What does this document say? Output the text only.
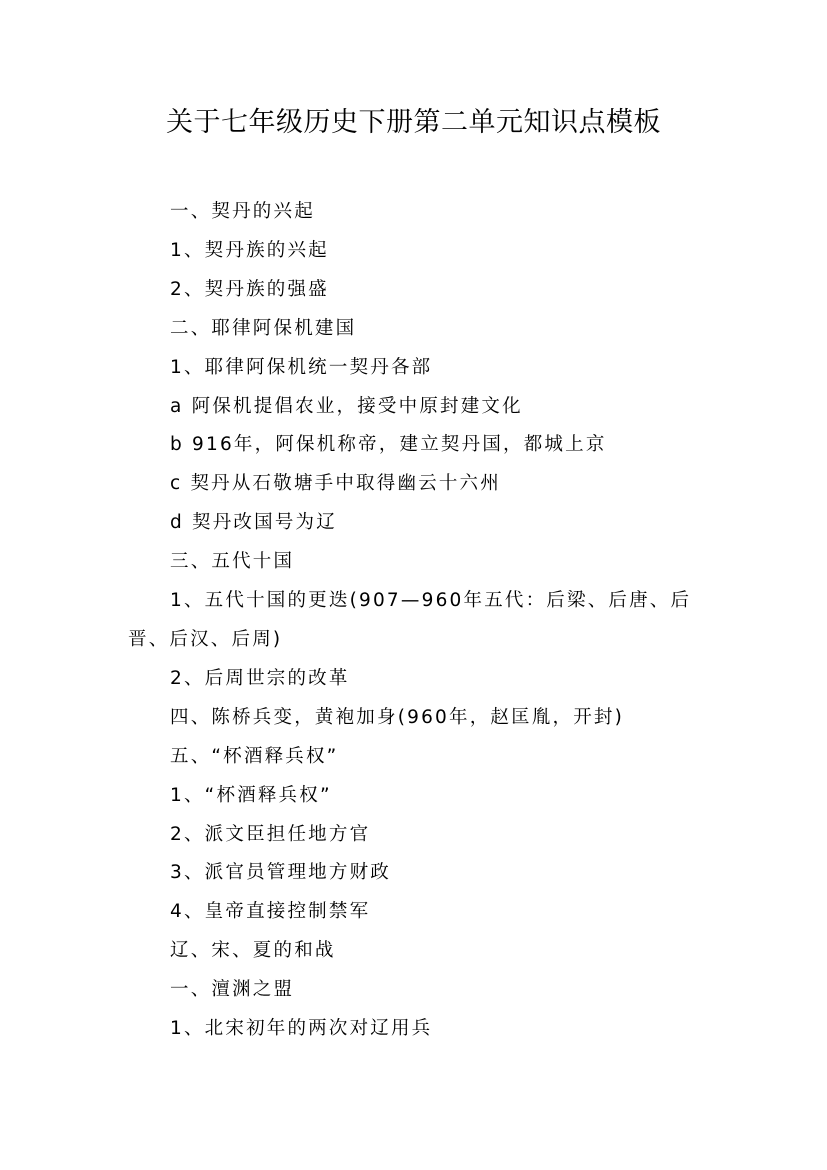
关于七年级历史下册第二单元知识点模板

一、契丹的兴起

1、契丹族的兴起

2、契丹族的强盛

二、耶律阿保机建国

1、耶律阿保机统一契丹各部

a 阿保机提倡农业，接受中原封建文化

b 916年，阿保机称帝，建立契丹国，都城上京

c 契丹从石敬塘手中取得幽云十六州

d 契丹改国号为辽

三、五代十国

1、五代十国的更迭(907—960年五代：后梁、后唐、后晋、后汉、后周)

2、后周世宗的改革

四、陈桥兵变，黄袍加身(960年，赵匡胤，开封)

五、“杯酒释兵权”

1、“杯酒释兵权”

2、派文臣担任地方官

3、派官员管理地方财政

4、皇帝直接控制禁军

辽、宋、夏的和战

一、澶渊之盟

1、北宋初年的两次对辽用兵
